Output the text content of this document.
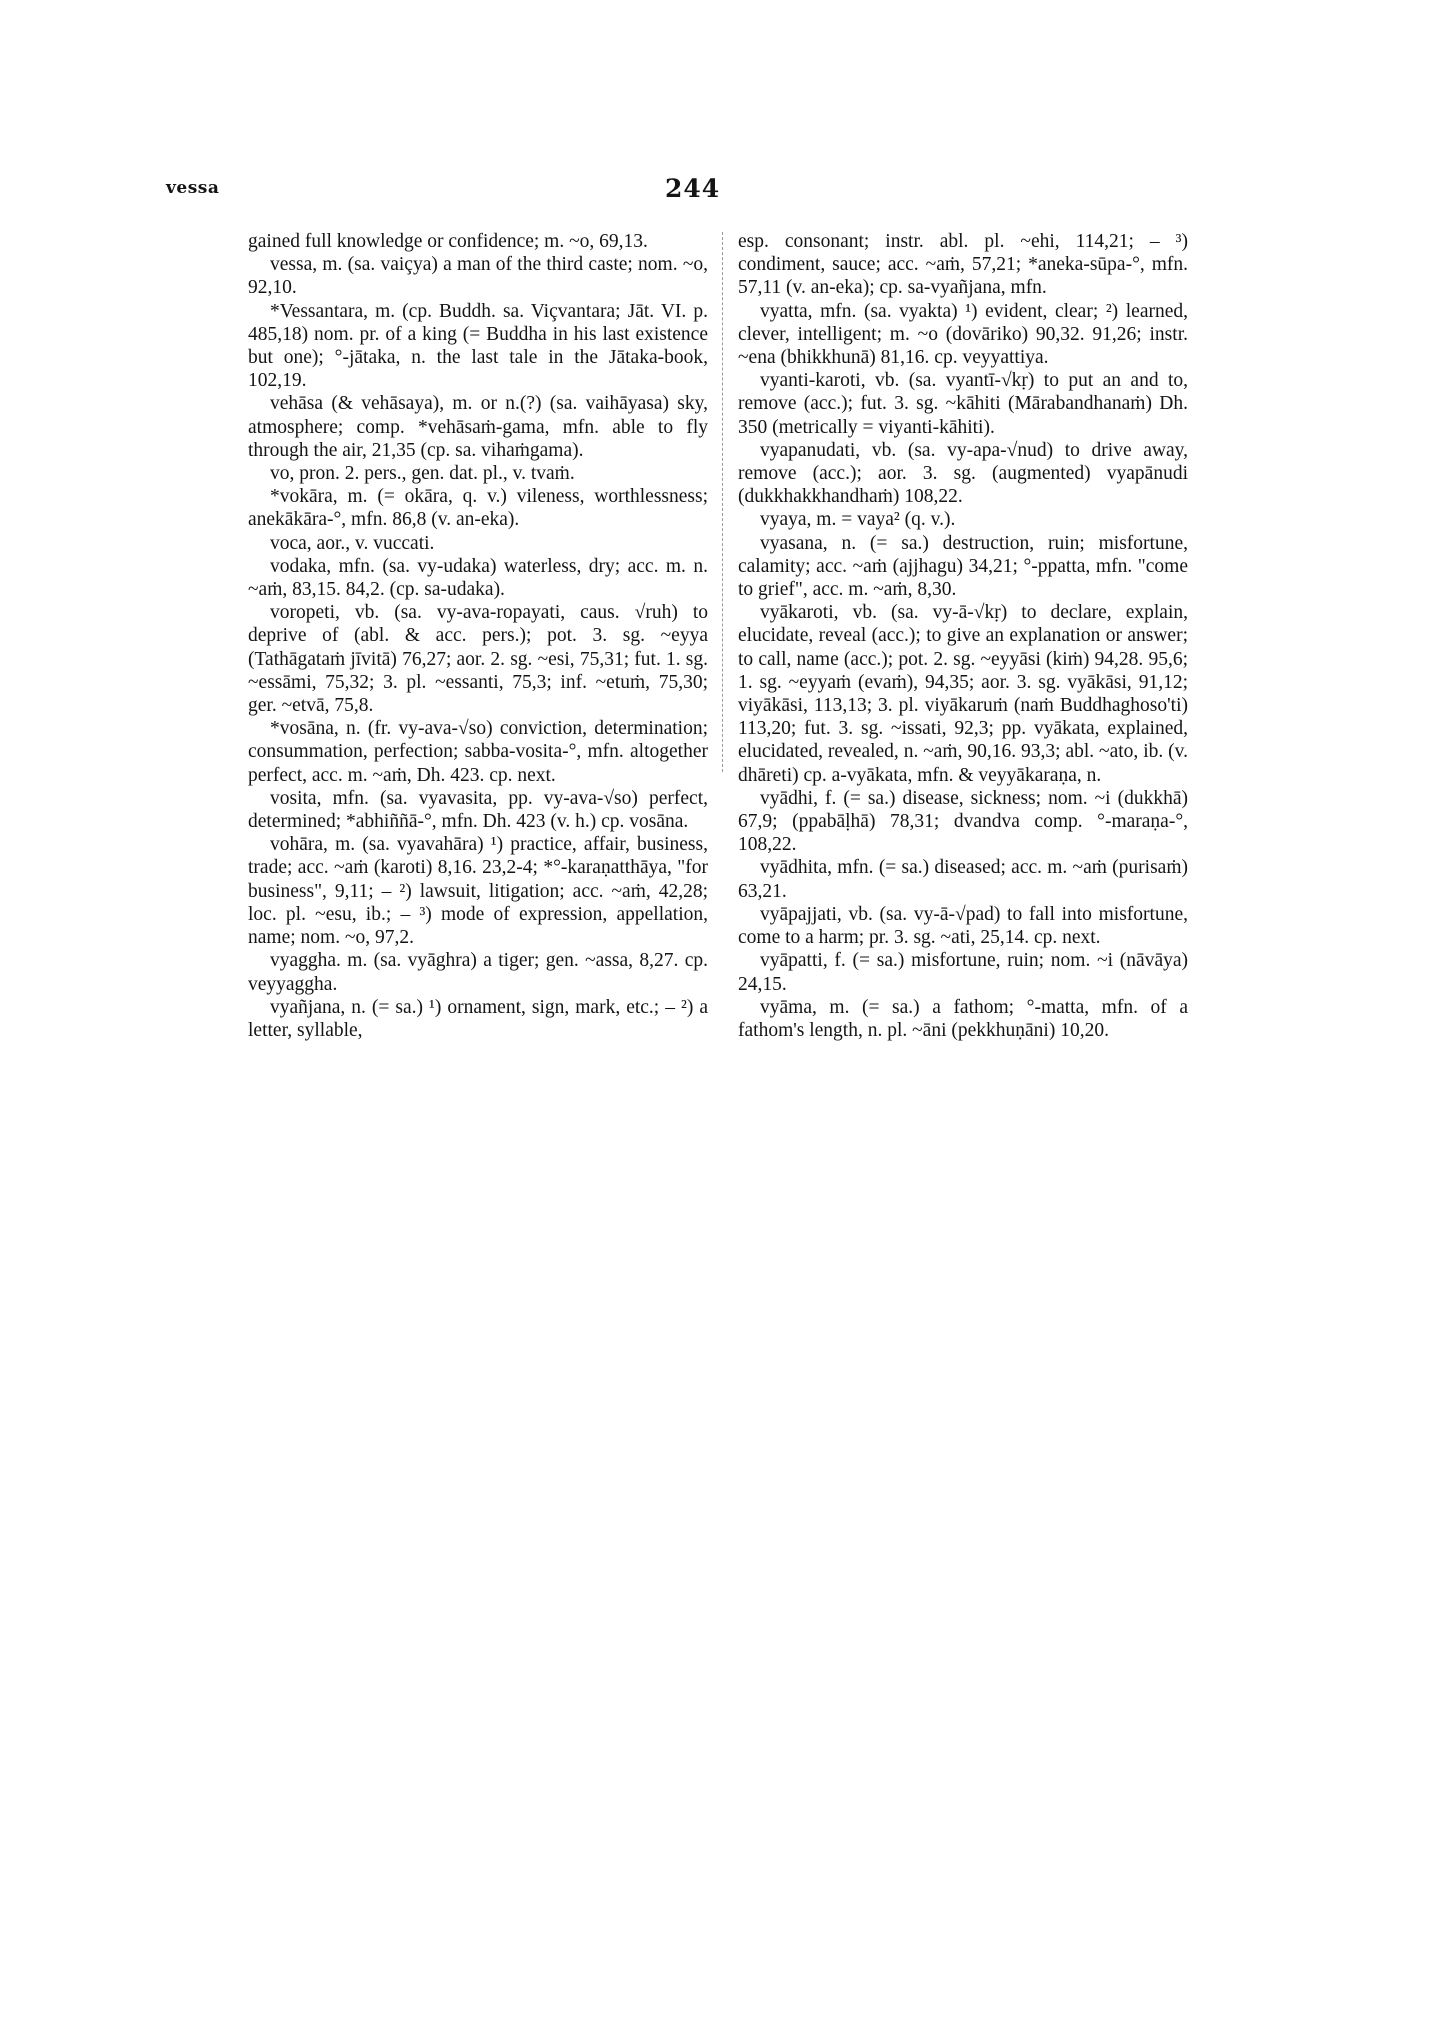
vessa	244

gained full knowledge or confidence; m. ~o, 69,13.

vessa, m. (sa. vaiçya) a man of the third caste; nom. ~o, 92,10.

*Vessantara, m. (cp. Buddh. sa. Viçvantara; Jāt. VI. p. 485,18) nom. pr. of a king (= Buddha in his last existence but one); °-jātaka, n. the last tale in the Jātaka-book, 102,19.

vehāsa (& vehāsaya), m. or n.(?) (sa. vaihāyasa) sky, atmosphere; comp. *vehāsaṁ-gama, mfn. able to fly through the air, 21,35 (cp. sa. vihaṁgama).

vo, pron. 2. pers., gen. dat. pl., v. tvaṁ.

*vokāra, m. (= okāra, q. v.) vileness, worthlessness; anekākāra-°, mfn. 86,8 (v. an-eka).

voca, aor., v. vuccati.

vodaka, mfn. (sa. vy-udaka) waterless, dry; acc. m. n. ~aṁ, 83,15. 84,2. (cp. sa-udaka).

voropeti, vb. (sa. vy-ava-ropayati, caus. √ruh) to deprive of (abl. & acc. pers.); pot. 3. sg. ~eyya (Tathāgataṁ jīvitā) 76,27; aor. 2. sg. ~esi, 75,31; fut. 1. sg. ~essāmi, 75,32; 3. pl. ~essanti, 75,3; inf. ~etuṁ, 75,30; ger. ~etvā, 75,8.

*vosāna, n. (fr. vy-ava-√so) conviction, determination; consummation, perfection; sabba-vosita-°, mfn. altogether perfect, acc. m. ~aṁ, Dh. 423. cp. next.

vosita, mfn. (sa. vyavasita, pp. vy-ava-√so) perfect, determined; *abhiññā-°, mfn. Dh. 423 (v. h.) cp. vosāna.

vohāra, m. (sa. vyavahāra) ¹) practice, affair, business, trade; acc. ~aṁ (karoti) 8,16. 23,2-4; *°-karaṇatthāya, "for business", 9,11; – ²) lawsuit, litigation; acc. ~aṁ, 42,28; loc. pl. ~esu, ib.; – ³) mode of expression, appellation, name; nom. ~o, 97,2.

vyaggha. m. (sa. vyāghra) a tiger; gen. ~assa, 8,27. cp. veyyaggha.

vyañjana, n. (= sa.) ¹) ornament, sign, mark, etc.; – ²) a letter, syllable,

esp. consonant; instr. abl. pl. ~ehi, 114,21; – ³) condiment, sauce; acc. ~aṁ, 57,21; *aneka-sūpa-°, mfn. 57,11 (v. an-eka); cp. sa-vyañjana, mfn.

vyatta, mfn. (sa. vyakta) ¹) evident, clear; ²) learned, clever, intelligent; m. ~o (dovāriko) 90,32. 91,26; instr. ~ena (bhikkhunā) 81,16. cp. veyyattiya.

vyanti-karoti, vb. (sa. vyantī-√kṛ) to put an and to, remove (acc.); fut. 3. sg. ~kāhiti (Mārabandhanaṁ) Dh. 350 (metrically = viyanti-kāhiti).

vyapanudati, vb. (sa. vy-apa-√nud) to drive away, remove (acc.); aor. 3. sg. (augmented) vyapānudi (dukkhakkhandhaṁ) 108,22.

vyaya, m. = vaya² (q. v.).

vyasana, n. (= sa.) destruction, ruin; misfortune, calamity; acc. ~aṁ (ajjhagu) 34,21; °-ppatta, mfn. "come to grief", acc. m. ~aṁ, 8,30.

vyākaroti, vb. (sa. vy-ā-√kṛ) to declare, explain, elucidate, reveal (acc.); to give an explanation or answer; to call, name (acc.); pot. 2. sg. ~eyyāsi (kiṁ) 94,28. 95,6; 1. sg. ~eyyaṁ (evaṁ), 94,35; aor. 3. sg. vyākāsi, 91,12; viyākāsi, 113,13; 3. pl. viyākaruṁ (naṁ Buddhaghoso'ti) 113,20; fut. 3. sg. ~issati, 92,3; pp. vyākata, explained, elucidated, revealed, n. ~aṁ, 90,16. 93,3; abl. ~ato, ib. (v. dhāreti) cp. a-vyākata, mfn. & veyyākaraṇa, n.

vyādhi, f. (= sa.) disease, sickness; nom. ~i (dukkhā) 67,9; (ppabāḷhā) 78,31; dvandva comp. °-maraṇa-°, 108,22.

vyādhita, mfn. (= sa.) diseased; acc. m. ~aṁ (purisaṁ) 63,21.

vyāpajjati, vb. (sa. vy-ā-√pad) to fall into misfortune, come to a harm; pr. 3. sg. ~ati, 25,14. cp. next.

vyāpatti, f. (= sa.) misfortune, ruin; nom. ~i (nāvāya) 24,15.

vyāma, m. (= sa.) a fathom; °-matta, mfn. of a fathom's length, n. pl. ~āni (pekkhuṇāni) 10,20.
